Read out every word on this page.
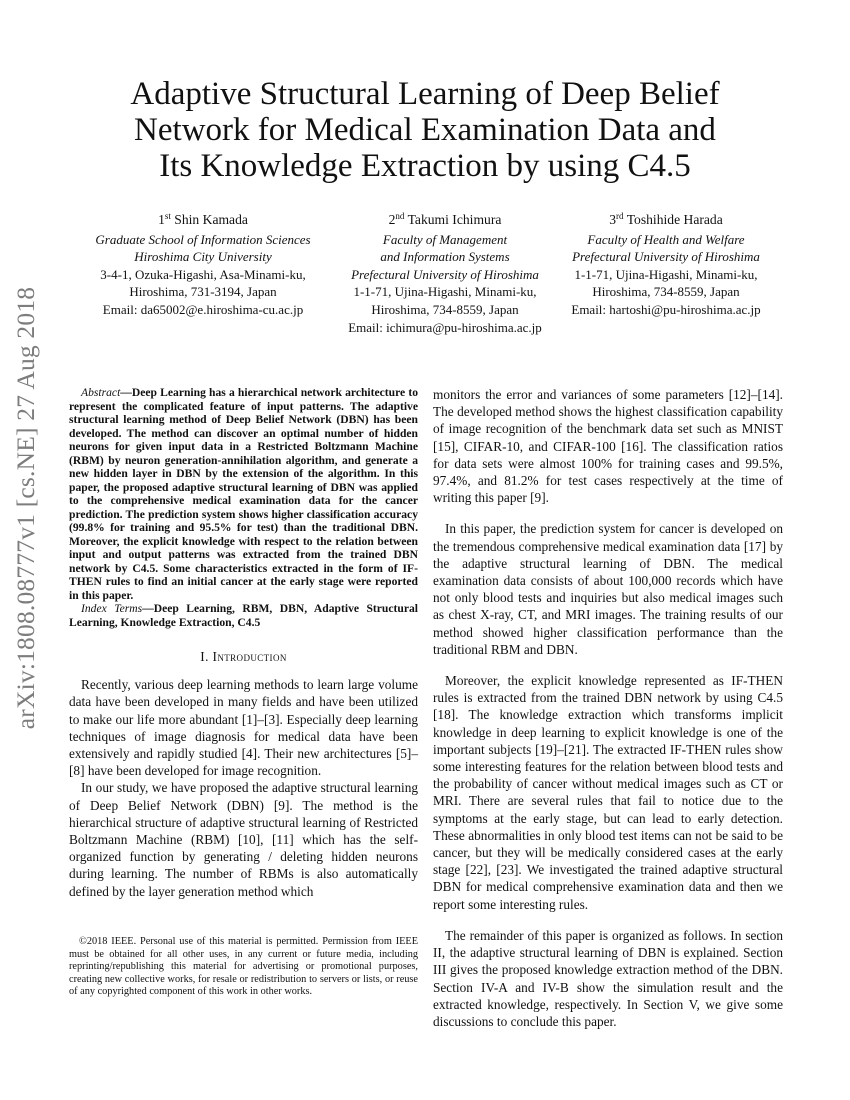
arXiv:1808.08777v1 [cs.NE] 27 Aug 2018
Adaptive Structural Learning of Deep Belief
Network for Medical Examination Data and
Its Knowledge Extraction by using C4.5
1st Shin Kamada
Graduate School of Information Sciences
Hiroshima City University
3-4-1, Ozuka-Higashi, Asa-Minami-ku,
Hiroshima, 731-3194, Japan
Email: da65002@e.hiroshima-cu.ac.jp
2nd Takumi Ichimura
Faculty of Management
and Information Systems
Prefectural University of Hiroshima
1-1-71, Ujina-Higashi, Minami-ku,
Hiroshima, 734-8559, Japan
Email: ichimura@pu-hiroshima.ac.jp
3rd Toshihide Harada
Faculty of Health and Welfare
Prefectural University of Hiroshima
1-1-71, Ujina-Higashi, Minami-ku,
Hiroshima, 734-8559, Japan
Email: hartoshi@pu-hiroshima.ac.jp

Abstract—Deep Learning has a hierarchical network architecture to represent the complicated feature of input patterns. The adaptive structural learning method of Deep Belief Network (DBN) has been developed. The method can discover an optimal number of hidden neurons for given input data in a Restricted Boltzmann Machine (RBM) by neuron generation-annihilation algorithm, and generate a new hidden layer in DBN by the extension of the algorithm. In this paper, the proposed adaptive structural learning of DBN was applied to the comprehensive medical examination data for the cancer prediction. The prediction system shows higher classification accuracy (99.8% for training and 95.5% for test) than the traditional DBN. Moreover, the explicit knowledge with respect to the relation between input and output patterns was extracted from the trained DBN network by C4.5. Some characteristics extracted in the form of IF-THEN rules to find an initial cancer at the early stage were reported in this paper.

Index Terms—Deep Learning, RBM, DBN, Adaptive Structural Learning, Knowledge Extraction, C4.5

I. Introduction

Recently, various deep learning methods to learn large volume data have been developed in many fields and have been utilized to make our life more abundant [1]–[3]. Especially deep learning techniques of image diagnosis for medical data have been extensively and rapidly studied [4]. Their new architectures [5]–[8] have been developed for image recognition.

In our study, we have proposed the adaptive structural learning of Deep Belief Network (DBN) [9]. The method is the hierarchical structure of adaptive structural learning of Restricted Boltzmann Machine (RBM) [10], [11] which has the self-organized function by generating / deleting hidden neurons during learning. The number of RBMs is also automatically defined by the layer generation method which

©2018 IEEE. Personal use of this material is permitted. Permission from IEEE must be obtained for all other uses, in any current or future media, including reprinting/republishing this material for advertising or promotional purposes, creating new collective works, for resale or redistribution to servers or lists, or reuse of any copyrighted component of this work in other works.

monitors the error and variances of some parameters [12]–[14]. The developed method shows the highest classification capability of image recognition of the benchmark data set such as MNIST [15], CIFAR-10, and CIFAR-100 [16]. The classification ratios for data sets were almost 100% for training cases and 99.5%, 97.4%, and 81.2% for test cases respectively at the time of writing this paper [9].

In this paper, the prediction system for cancer is developed on the tremendous comprehensive medical examination data [17] by the adaptive structural learning of DBN. The medical examination data consists of about 100,000 records which have not only blood tests and inquiries but also medical images such as chest X-ray, CT, and MRI images. The training results of our method showed higher classification performance than the traditional RBM and DBN.

Moreover, the explicit knowledge represented as IF-THEN rules is extracted from the trained DBN network by using C4.5 [18]. The knowledge extraction which transforms implicit knowledge in deep learning to explicit knowledge is one of the important subjects [19]–[21]. The extracted IF-THEN rules show some interesting features for the relation between blood tests and the probability of cancer without medical images such as CT or MRI. There are several rules that fail to notice due to the symptoms at the early stage, but can lead to early detection. These abnormalities in only blood test items can not be said to be cancer, but they will be medically considered cases at the early stage [22], [23]. We investigated the trained adaptive structural DBN for medical comprehensive examination data and then we report some interesting rules.

The remainder of this paper is organized as follows. In section II, the adaptive structural learning of DBN is explained. Section III gives the proposed knowledge extraction method of the DBN. Section IV-A and IV-B show the simulation result and the extracted knowledge, respectively. In Section V, we give some discussions to conclude this paper.
